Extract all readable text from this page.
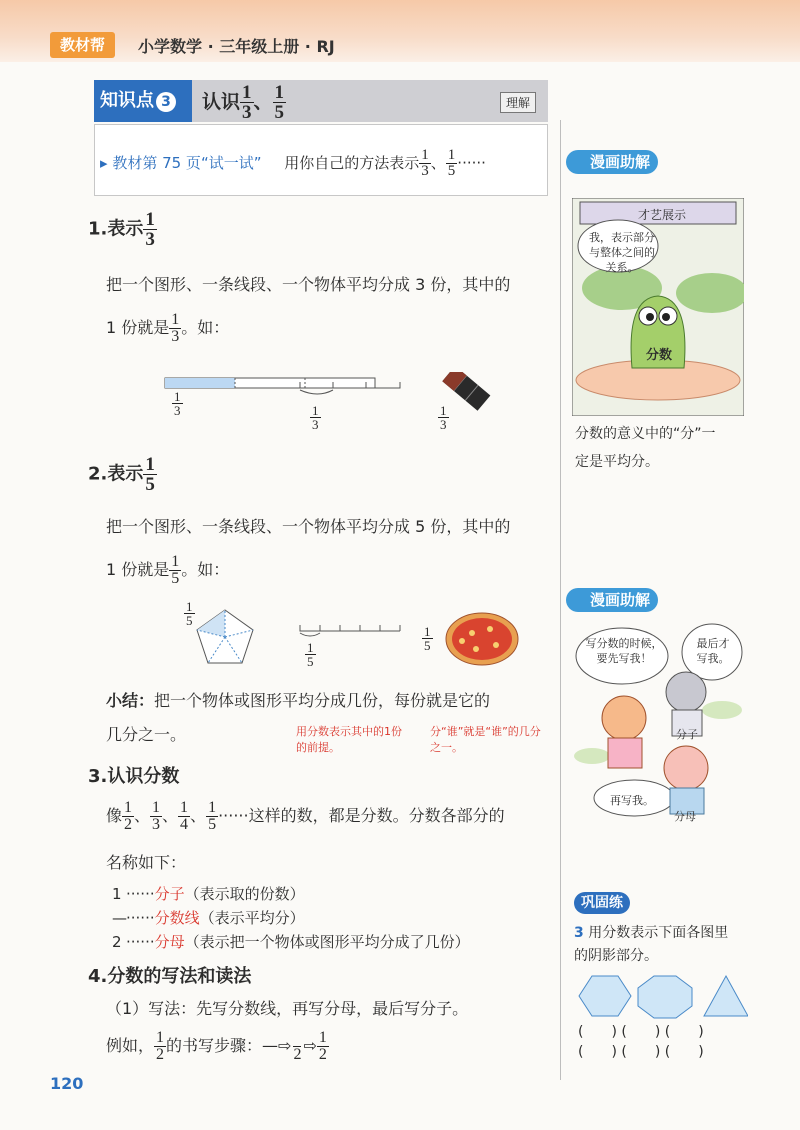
教材帮	小学数学 · 三年级上册 · RJ
知识点 3	认识 $\frac{1}{3}$ 、 $\frac{1}{5}$	理解
▸ 教材第 75 页“试一试” 用你自己的方法表示 $\frac{1}{3}$ 、 $\frac{1}{5}$ ······
1.表示 $\frac{1}{3}$
把一个图形、一条线段、一个物体平均分成 3 份，其中的
1 份就是 $\frac{1}{3}$ 。如：
$\frac{1}{3}$
$\frac{1}{3}$	$\frac{1}{3}$
2.表示 $\frac{1}{5}$
把一个图形、一条线段、一个物体平均分成 5 份，其中的
1 份就是 $\frac{1}{5}$ 。如：
$\frac{1}{5}$
$\frac{1}{5}$
$\frac{1}{5}$
小结：把一个物体或图形平均分成几份，每份就是它的
几分之一。	用分数表示其中的1份的前提。
分“谁”就是“谁”的几分之一。
3.认识分数
像 $\frac{1}{2}$ 、 $\frac{1}{3}$ 、 $\frac{1}{4}$ 、 $\frac{1}{5}$ ······这样的数，都是分数。分数各部分的
名称如下：
1 ······分子（表示取的份数）
—······分数线（表示平均分）
2 ······分母（表示把一个物体或图形平均分成了几份）
4.分数的写法和读法
（1）写法：先写分数线，再写分母，最后写分子。
例如， $\frac{1}{2}$ 的书写步骤：—⇨
2 ⇨ $\frac{1}{2}$
漫画助解
才艺展示
我，表示部分与整体之间的关系。
分数
分数的意义中的“分”一
定是平均分。
漫画助解
写分数的时候，要先写我！
最后才写我。
再写我。
分子
分母
巩固练
3 用分数表示下面各图里
的阴影部分。
(　　) (　　) (　　)
(　　) (　　) (　　)
120
